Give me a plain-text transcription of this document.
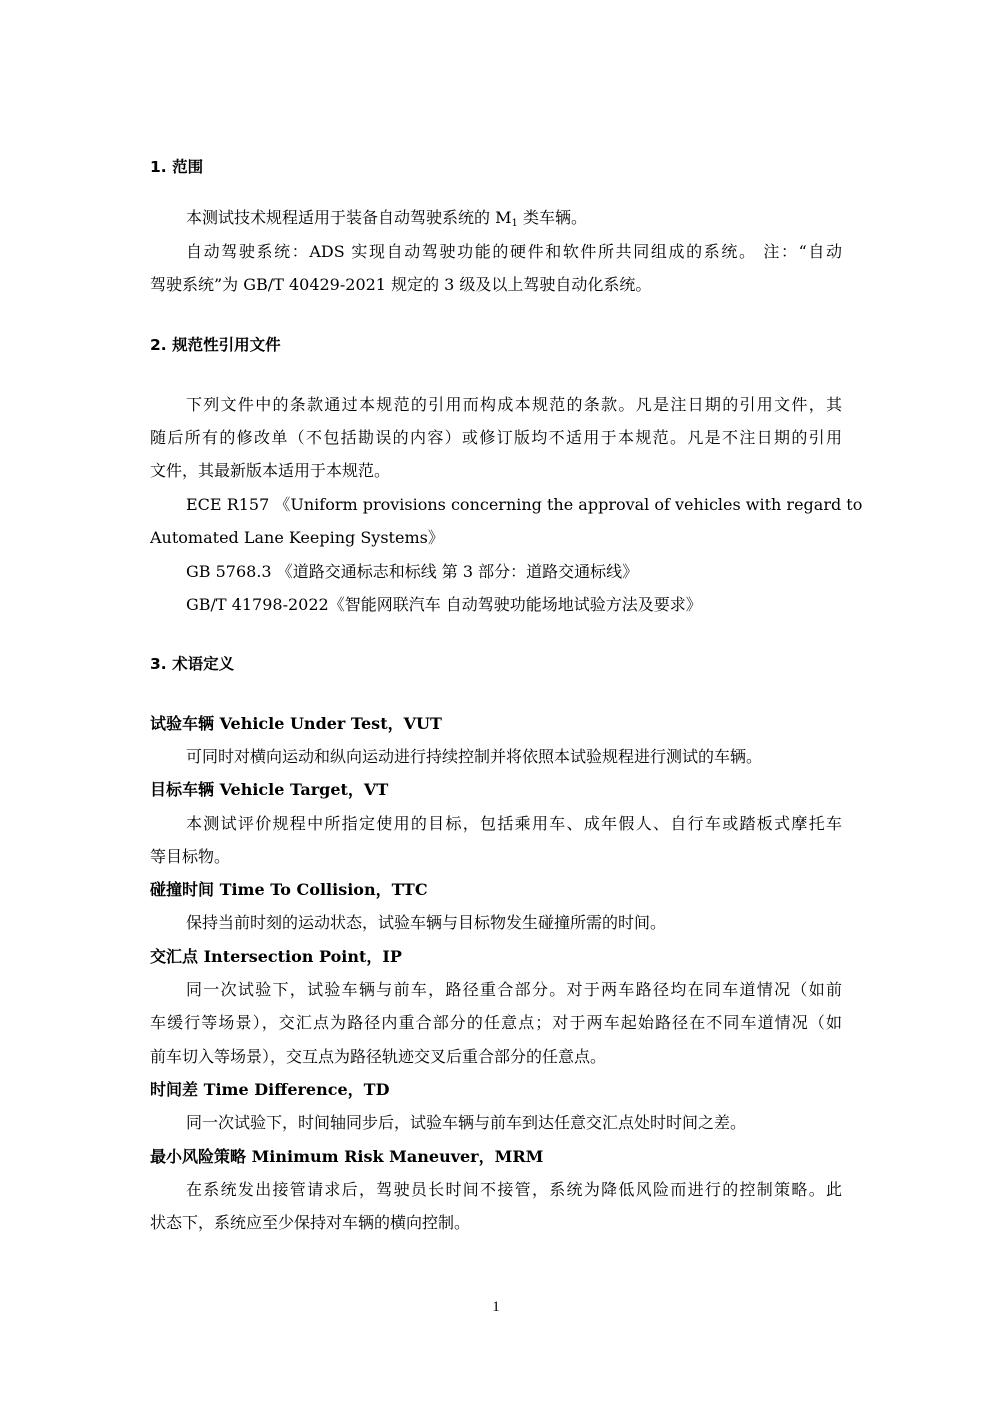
1. 范围
本测试技术规程适用于装备自动驾驶系统的 $M_1$ 类车辆。
自动驾驶系统：ADS 实现自动驾驶功能的硬件和软件所共同组成的系统。 注：“自动
驾驶系统”为 GB/T 40429-2021 规定的 3 级及以上驾驶自动化系统。
2. 规范性引用文件
下列文件中的条款通过本规范的引用而构成本规范的条款。凡是注日期的引用文件，其
随后所有的修改单（不包括勘误的内容）或修订版均不适用于本规范。凡是不注日期的引用
文件，其最新版本适用于本规范。
ECE R157 《Uniform provisions concerning the approval of vehicles with regard to
Automated Lane Keeping Systems》
GB 5768.3 《道路交通标志和标线 第 3 部分：道路交通标线》
GB/T 41798-2022《智能网联汽车 自动驾驶功能场地试验方法及要求》
3. 术语定义
试验车辆 Vehicle Under Test，VUT
可同时对横向运动和纵向运动进行持续控制并将依照本试验规程进行测试的车辆。
目标车辆 Vehicle Target，VT
本测试评价规程中所指定使用的目标，包括乘用车、成年假人、自行车或踏板式摩托车
等目标物。
碰撞时间 Time To Collision，TTC
保持当前时刻的运动状态，试验车辆与目标物发生碰撞所需的时间。
交汇点 Intersection Point，IP
同一次试验下，试验车辆与前车，路径重合部分。对于两车路径均在同车道情况（如前
车缓行等场景），交汇点为路径内重合部分的任意点；对于两车起始路径在不同车道情况（如
前车切入等场景），交互点为路径轨迹交叉后重合部分的任意点。
时间差 Time Difference，TD
同一次试验下，时间轴同步后，试验车辆与前车到达任意交汇点处时时间之差。
最小风险策略 Minimum Risk Maneuver，MRM
在系统发出接管请求后，驾驶员长时间不接管，系统为降低风险而进行的控制策略。此
状态下，系统应至少保持对车辆的横向控制。
1
